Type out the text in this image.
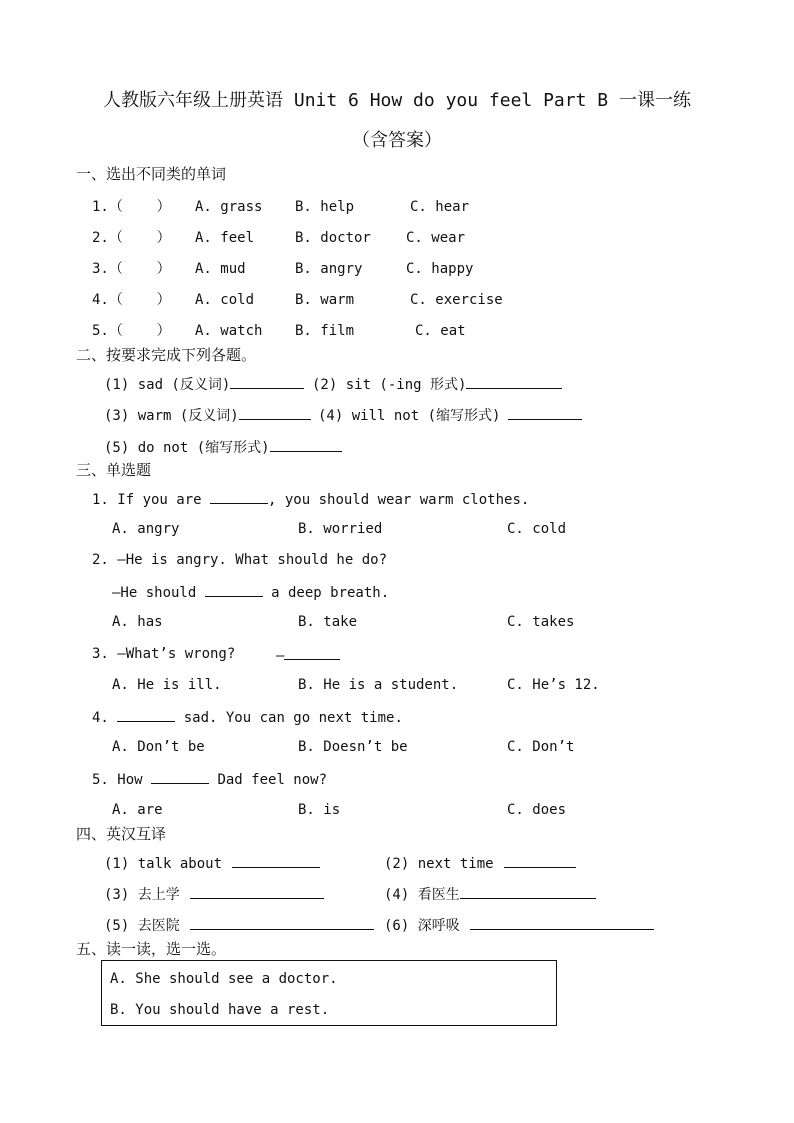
人教版六年级上册英语 Unit 6 How do you feel Part B 一课一练
（含答案）
一、选出不同类的单词
1.（    ） A. grass B. help	C. hear
2.（    ） A. feel	B. doctor	C. wear
3.（    ） A. mud	B. angry	C. happy
4.（    ） A. cold	B. warm	C. exercise
5.（    ） A. watch B. film	C. eat
二、按要求完成下列各题。
(1) sad (反义词)	(2) sit (-ing 形式)
(3) warm (反义词)	(4) will not (缩写形式)
(5) do not (缩写形式)
三、单选题
1. If you are	, you should wear warm clothes.
A. angry	B. worried	C. cold
2. —He is angry. What should he do?
—He should	a deep breath.
A. has	B. take	C. takes
3. —What’s wrong?	—
A. He is ill.	B. He is a student.	C. He’s 12.
4.	sad. You can go next time.
A. Don’t be	B. Doesn’t be	C. Don’t
5. How	Dad feel now?
A. are	B. is	C. does
四、英汉互译
(1) talk about	(2) next time
(3) 去上学	(4) 看医生
(5) 去医院	(6) 深呼吸
五、读一读，选一选。
A. She should see a doctor.
B. You should have a rest.
